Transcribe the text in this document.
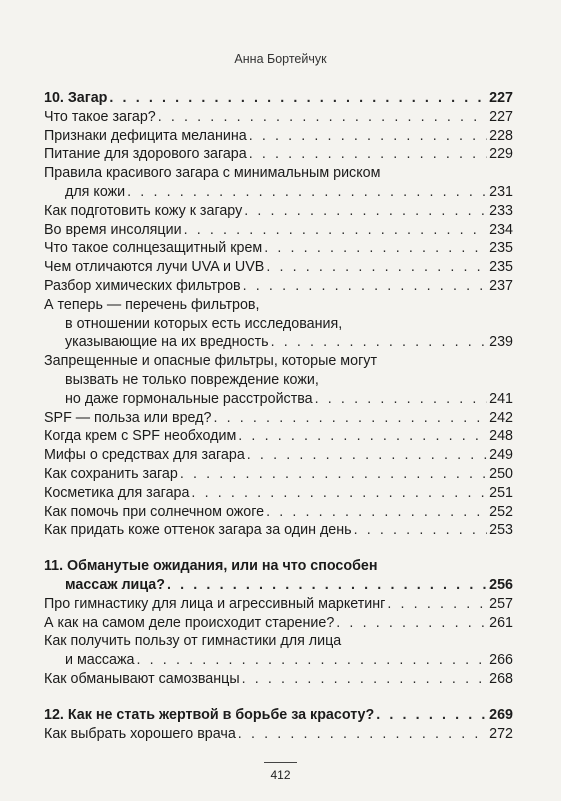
Анна Бортейчук
10. Загар . . .	227
Что такое загар? . . .	227
Признаки дефицита меланина . . .	228
Питание для здорового загара . . .	229
Правила красивого загара с минимальным риском
для кожи . . .	231
Как подготовить кожу к загару . . .	233
Во время инсоляции . . .	234
Что такое солнцезащитный крем . . .	235
Чем отличаются лучи UVA и UVB . . .	235
Разбор химических фильтров . . .	237
А теперь — перечень фильтров,
в отношении которых есть исследования,
указывающие на их вредность . . .	239
Запрещенные и опасные фильтры, которые могут
вызвать не только повреждение кожи,
но даже гормональные расстройства . . .	241
SPF — польза или вред? . . .	242
Когда крем с SPF необходим . . .	248
Мифы о средствах для загара . . .	249
Как сохранить загар . . .	250
Косметика для загара . . .	251
Как помочь при солнечном ожоге . . .	252
Как придать коже оттенок загара за один день . . .	253
11. Обманутые ожидания, или на что способен
массаж лица? . . .	256
Про гимнастику для лица и агрессивный маркетинг . . .	257
А как на самом деле происходит старение? . . .	261
Как получить пользу от гимнастики для лица
и массажа . . .	266
Как обманывают самозванцы . . .	268
12. Как не стать жертвой в борьбе за красоту? . . .	269
Как выбрать хорошего врача . . .	272
412
